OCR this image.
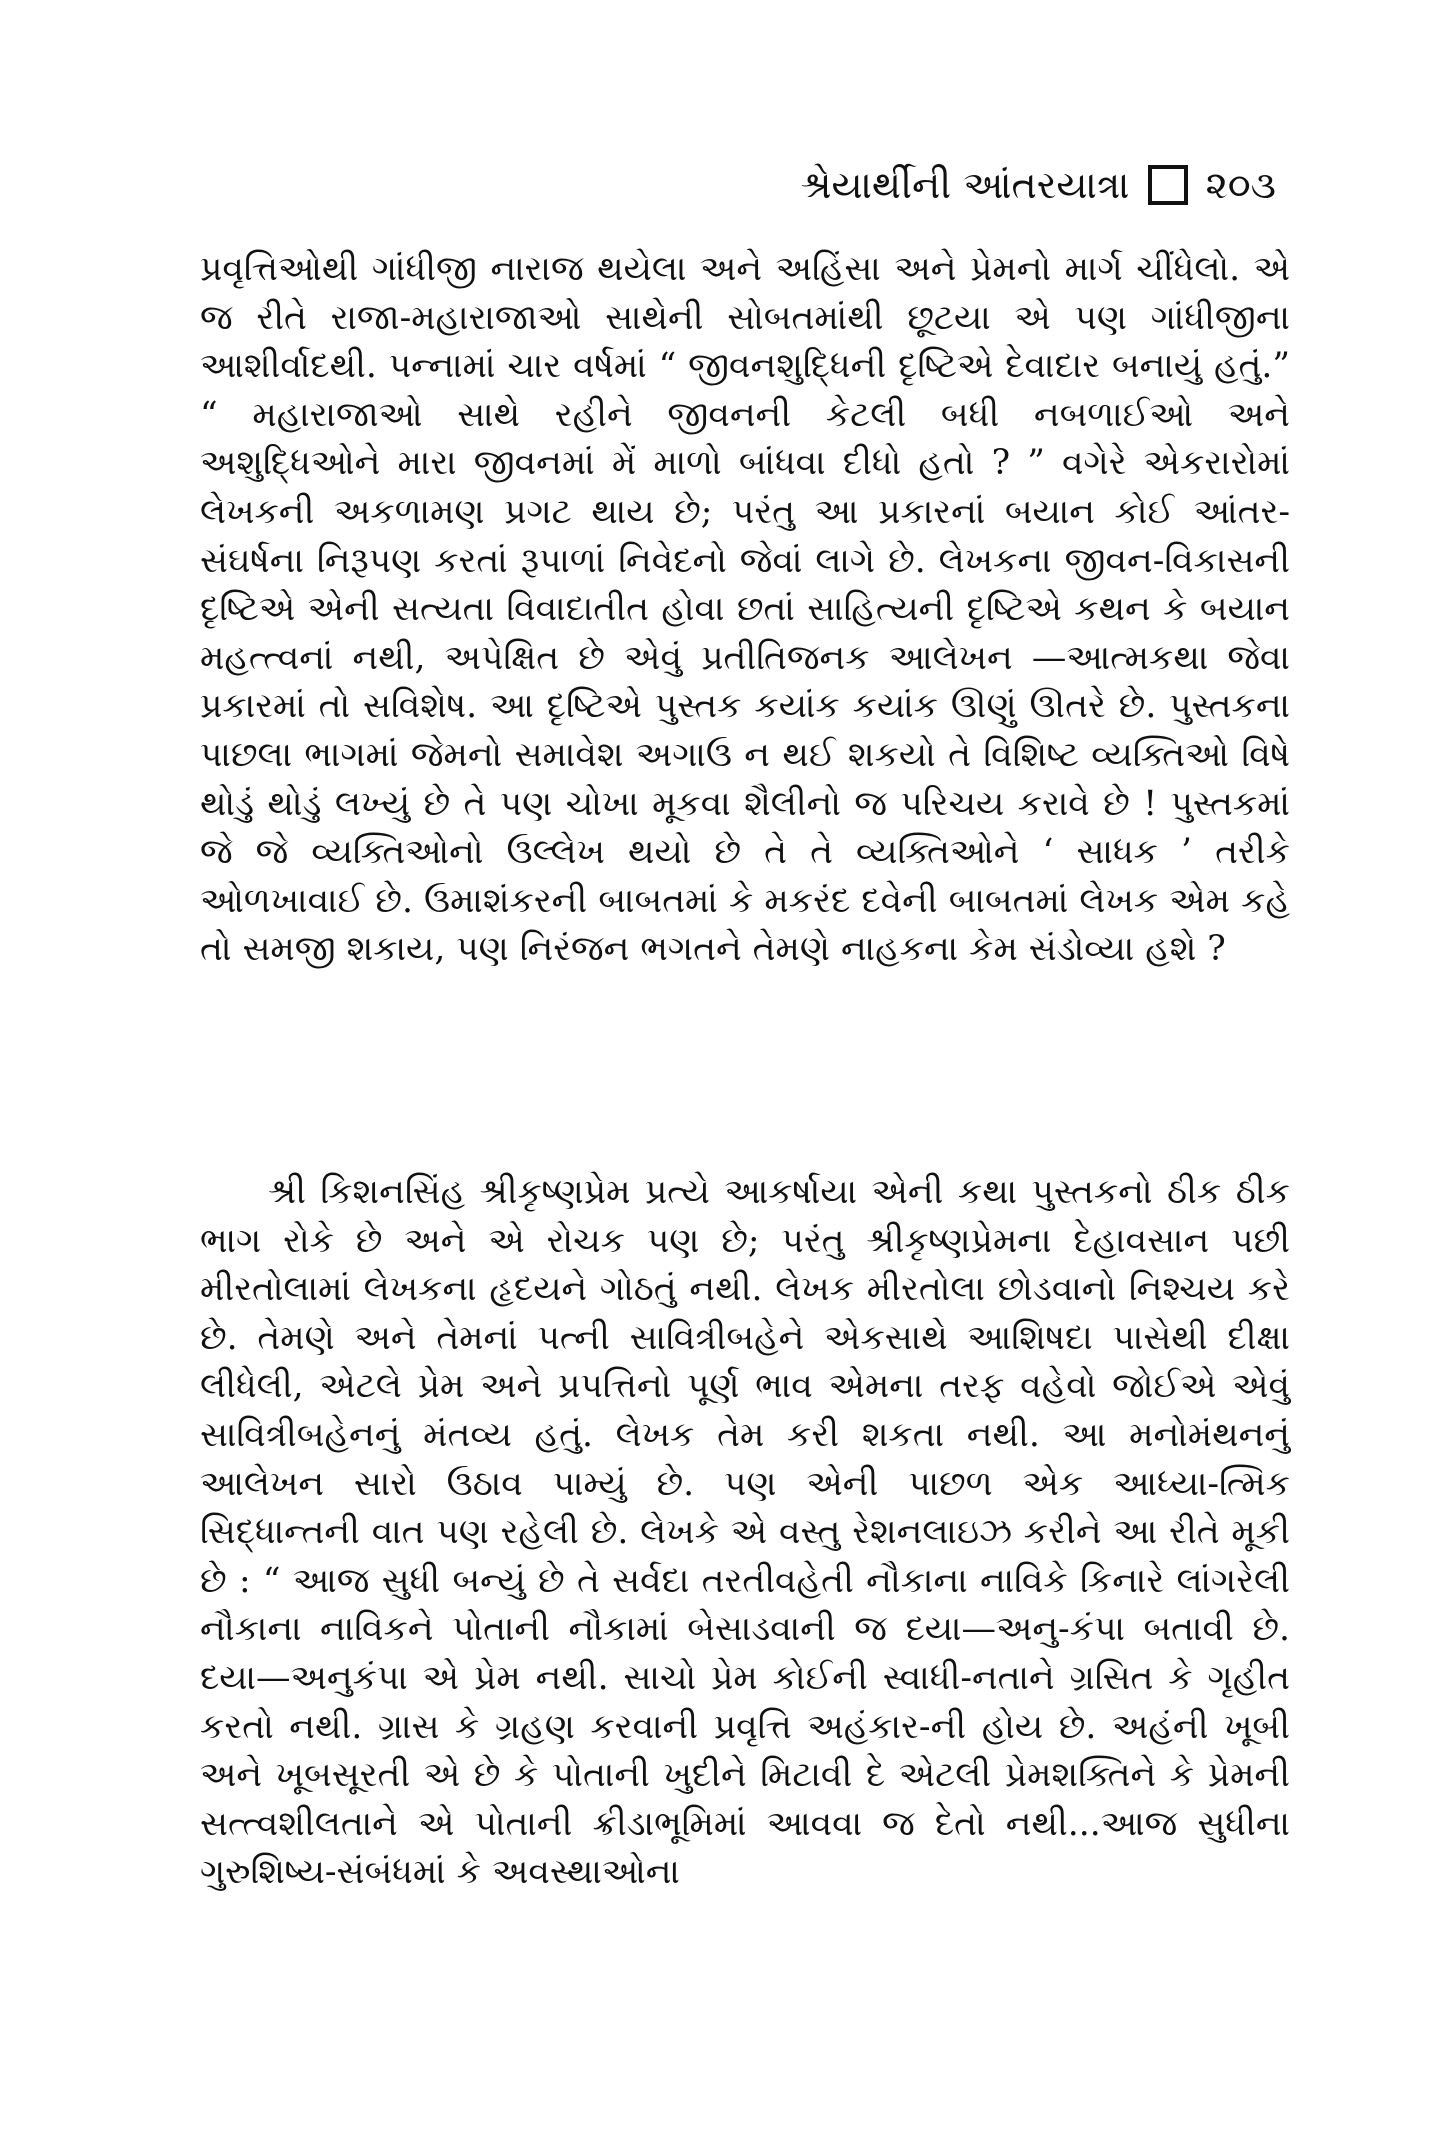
શ્રેયાર્થીની આંતરયાત્રા ૨૦૩

પ્રવૃત્તિઓથી ગાંધીજી નારાજ થયેલા અને અહિંસા અને પ્રેમનો માર્ગ ચીંધેલો. એ જ રીતે રાજા-મહારાજાઓ સાથેની સોબતમાંથી છૂટયા એ પણ ગાંધીજીના આશીર્વાદથી. પન્નામાં ચાર વર્ષમાં “ જીવનશુદ્ધિની દૃષ્ટિએ દેવાદાર બનાયું હતું.” “ મહારાજાઓ સાથે રહીને જીવનની કેટલી બધી નબળાઈઓ અને અશુદ્ધિઓને મારા જીવનમાં મેં માળો બાંધવા દીધો હતો ? ” વગેરે એકરારોમાં લેખકની અકળામણ પ્રગટ થાય છે; પરંતુ આ પ્રકારનાં બયાન કોઈ આંતર-સંઘર્ષના નિરૂપણ કરતાં રૂપાળાં નિવેદનો જેવાં લાગે છે. લેખકના જીવન-વિકાસની દૃષ્ટિએ એની સત્યતા વિવાદાતીત હોવા છતાં સાહિત્યની દૃષ્ટિએ કથન કે બયાન મહત્ત્વનાં નથી, અપેક્ષિત છે એવું પ્રતીતિજનક આલેખન —આત્મકથા જેવા પ્રકારમાં તો સવિશેષ. આ દૃષ્ટિએ પુસ્તક કયાંક કયાંક ઊણું ઊતરે છે. પુસ્તકના પાછલા ભાગમાં જેમનો સમાવેશ અગાઉ ન થઈ શકયો તે વિશિષ્ટ વ્યક્તિઓ વિષે થોડું થોડું લખ્યું છે તે પણ ચોખા મૂકવા શૈલીનો જ પરિચય કરાવે છે ! પુસ્તકમાં જે જે વ્યક્તિઓનો ઉલ્લેખ થયો છે તે તે વ્યક્તિઓને ‘ સાધક ’ તરીકે ઓળખાવાઈ છે. ઉમાશંકરની બાબતમાં કે મકરંદ દવેની બાબતમાં લેખક એમ કહે તો સમજી શકાય, પણ નિરંજન ભગતને તેમણે નાહકના કેમ સંડોવ્યા હશે ?

શ્રી કિશનસિંહ શ્રીકૃષ્ણપ્રેમ પ્રત્યે આકર્ષાયા એની કથા પુસ્તકનો ઠીક ઠીક ભાગ રોકે છે અને એ રોચક પણ છે; પરંતુ શ્રીકૃષ્ણપ્રેમના દેહાવસાન પછી મીરતોલામાં લેખકના હૃદયને ગોઠતું નથી. લેખક મીરતોલા છોડવાનો નિશ્ચય કરે છે. તેમણે અને તેમનાં પત્ની સાવિત્રીબહેને એકસાથે આશિષદા પાસેથી દીક્ષા લીધેલી, એટલે પ્રેમ અને પ્રપત્તિનો પૂર્ણ ભાવ એમના તરફ વહેવો જોઈએ એવું સાવિત્રીબહેનનું મંતવ્ય હતું. લેખક તેમ કરી શકતા નથી. આ મનોમંથનનું આલેખન સારો ઉઠાવ પામ્યું છે. પણ એની પાછળ એક આધ્યા-ત્મિક સિદ્ધાન્તની વાત પણ રહેલી છે. લેખકે એ વસ્તુ રેશનલાઇઝ કરીને આ રીતે મૂકી છે : “ આજ સુધી બન્યું છે તે સર્વદા તરતીવહેતી નૌકાના નાવિકે કિનારે લાંગરેલી નૌકાના નાવિકને પોતાની નૌકામાં બેસાડવાની જ દયા—અનુ-કંપા બતાવી છે. દયા—અનુકંપા એ પ્રેમ નથી. સાચો પ્રેમ કોઈની સ્વાધી-નતાને ગ્રસિત કે ગૃહીત કરતો નથી. ગ્રાસ કે ગ્રહણ કરવાની પ્રવૃત્તિ અહંકાર-ની હોય છે. અહંની ખૂબી અને ખૂબસૂરતી એ છે કે પોતાની ખુદીને મિટાવી દે એટલી પ્રેમશક્તિને કે પ્રેમની સત્ત્વશીલતાને એ પોતાની ક્રીડાભૂમિમાં આવવા જ દેતો નથી...આજ સુધીના ગુરુશિષ્ય-સંબંધમાં કે અવસ્થાઓના
